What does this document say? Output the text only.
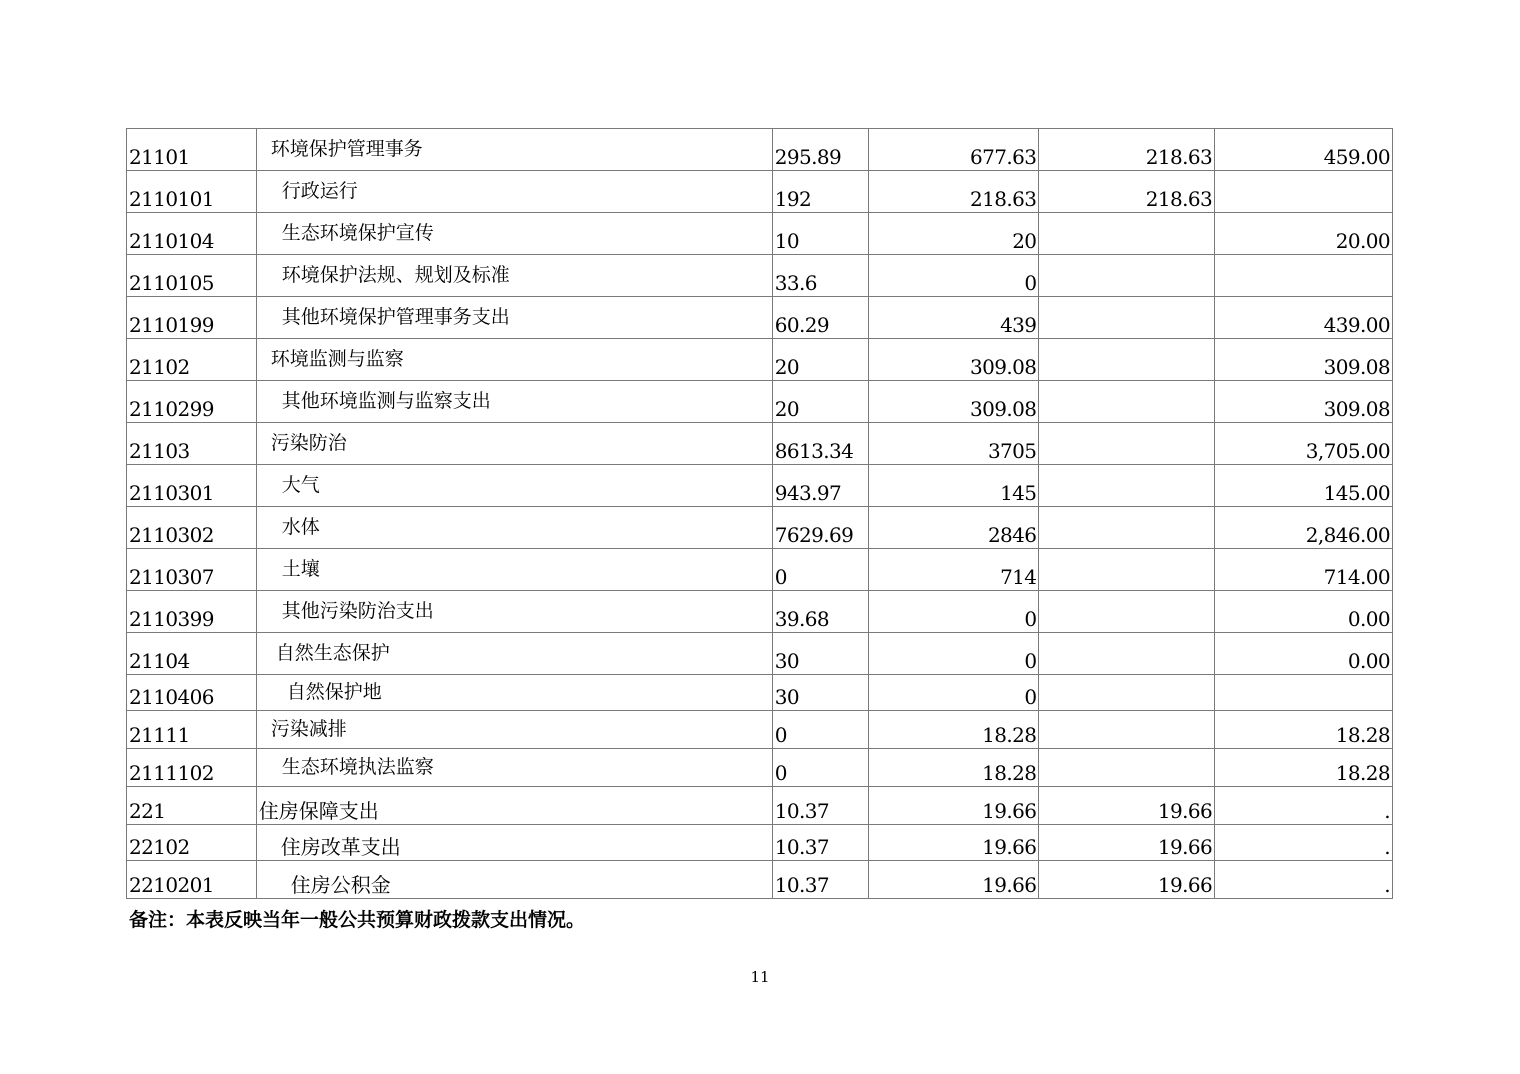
21101	环境保护管理事务	295.89	677.63	218.63	459.00
2110101	行政运行	192	218.63	218.63	
2110104	生态环境保护宣传	10	20		20.00
2110105	环境保护法规、规划及标准	33.6	0		
2110199	其他环境保护管理事务支出	60.29	439		439.00
21102	环境监测与监察	20	309.08		309.08
2110299	其他环境监测与监察支出	20	309.08		309.08
21103	污染防治	8613.34	3705		3,705.00
2110301	大气	943.97	145		145.00
2110302	水体	7629.69	2846		2,846.00
2110307	土壤	0	714		714.00
2110399	其他污染防治支出	39.68	0		0.00
21104	自然生态保护	30	0		0.00
2110406	自然保护地	30	0		
21111	污染减排	0	18.28		18.28
2111102	生态环境执法监察	0	18.28		18.28
221	住房保障支出	10.37	19.66	19.66	.
22102	住房改革支出	10.37	19.66	19.66	.
2210201	住房公积金	10.37	19.66	19.66	.
备注：本表反映当年一般公共预算财政拨款支出情况。
11
